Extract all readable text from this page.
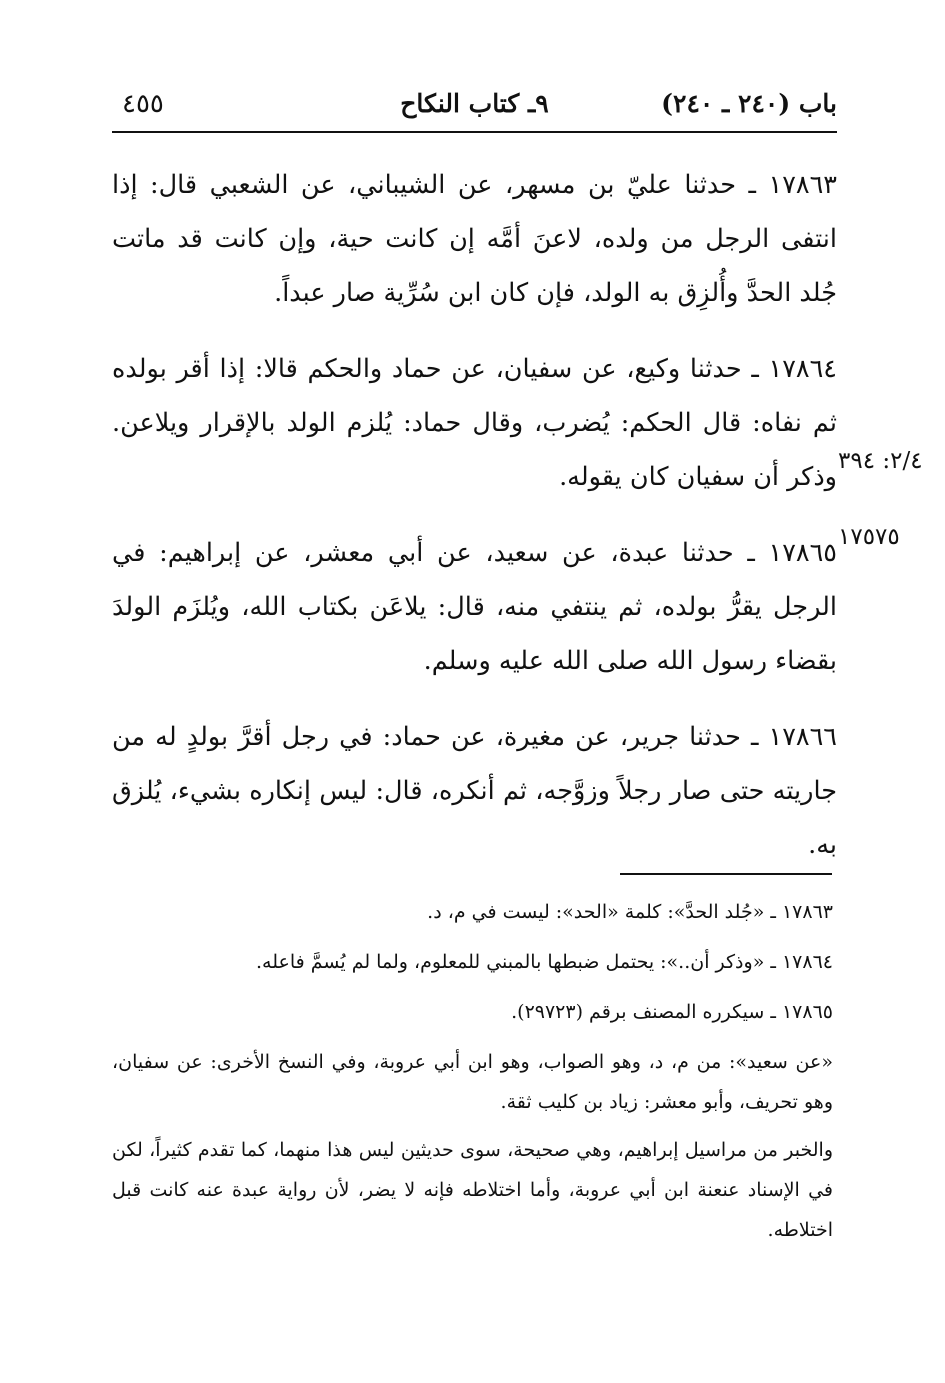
باب (٢٤٠ ـ ٢٤٠)
٩ـ كتاب النكاح
٤٥٥

١٧٨٦٣ ـ حدثنا عليّ بن مسهر، عن الشيباني، عن الشعبي قال: إذا انتفى الرجل من ولده، لاعنَ أمَّه إن كانت حية، وإن كانت قد ماتت جُلد الحدَّ وأُلزِق به الولد، فإن كان ابن سُرِّية صار عبداً.

١٧٨٦٤ ـ حدثنا وكيع، عن سفيان، عن حماد والحكم قالا: إذا أقر بولده ثم نفاه: قال الحكم: يُضرب، وقال حماد: يُلزم الولد بالإقرار ويلاعن. وذكر أن سفيان كان يقوله.

١٧٨٦٥ ـ حدثنا عبدة، عن سعيد، عن أبي معشر، عن إبراهيم: في الرجل يقرُّ بولده، ثم ينتفي منه، قال: يلاعَن بكتاب الله، ويُلزَم الولدَ بقضاء رسول الله صلى الله عليه وسلم.

١٧٨٦٦ ـ حدثنا جرير، عن مغيرة، عن حماد: في رجل أقرَّ بولدٍ له من جاريته حتى صار رجلاً وزوَّجه، ثم أنكره، قال: ليس إنكاره بشيء، يُلزق به.

٢/٤: ٣٩٤
١٧٥٧٥

١٧٨٦٣ ـ «جُلد الحدَّ»: كلمة «الحد»: ليست في م، د.

١٧٨٦٤ ـ «وذكر أن..»: يحتمل ضبطها بالمبني للمعلوم، ولما لم يُسمَّ فاعله.

١٧٨٦٥ ـ سيكرره المصنف برقم (٢٩٧٢٣).

«عن سعيد»: من م، د، وهو الصواب، وهو ابن أبي عروبة، وفي النسخ الأخرى: عن سفيان، وهو تحريف، وأبو معشر: زياد بن كليب ثقة.

والخبر من مراسيل إبراهيم، وهي صحيحة، سوى حديثين ليس هذا منهما، كما تقدم كثيراً، لكن في الإسناد عنعنة ابن أبي عروبة، وأما اختلاطه فإنه لا يضر، لأن رواية عبدة عنه كانت قبل اختلاطه.
